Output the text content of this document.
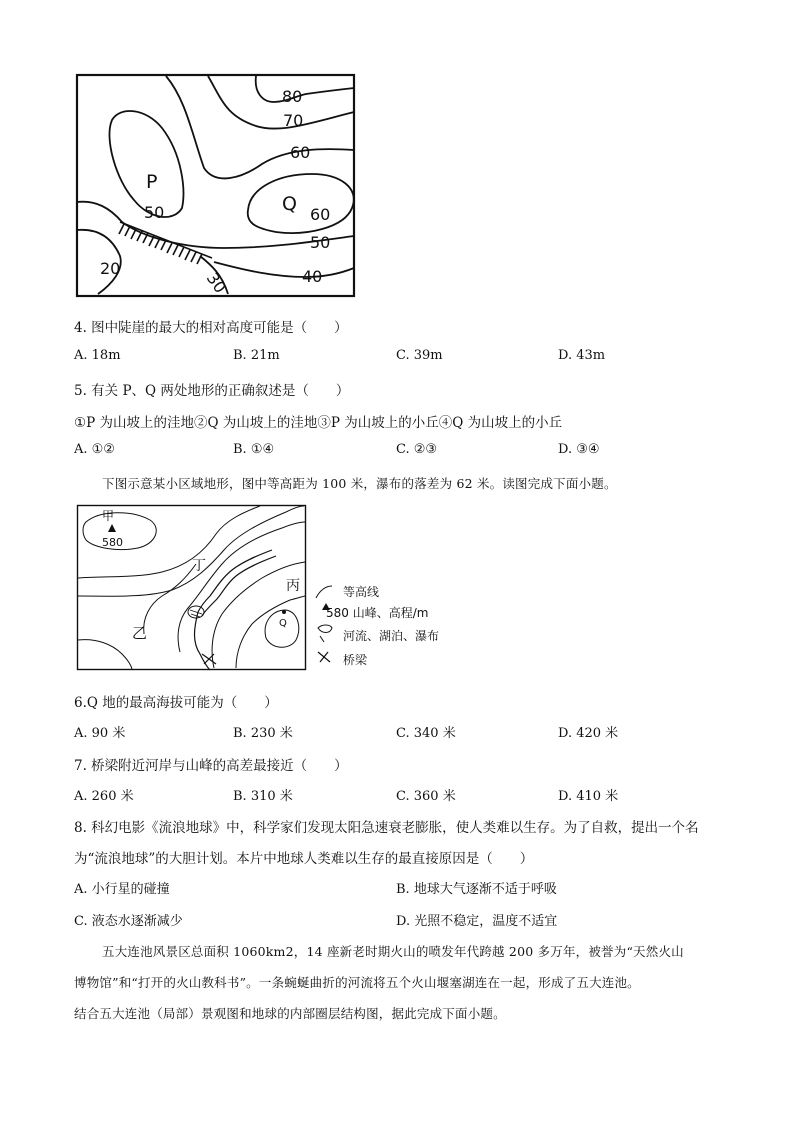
80
70
60
60
50
50
40
30
20
P
Q
4. 图中陡崖的最大的相对高度可能是（　　）
A. 18m	B. 21m	C. 39m	D. 43m
5. 有关 P、Q 两处地形的正确叙述是（　　）
①P 为山坡上的洼地②Q 为山坡上的洼地③P 为山坡上的小丘④Q 为山坡上的小丘
A. ①②	B. ①④	C. ②③	D. ③④
下图示意某小区域地形，图中等高距为 100 米，瀑布的落差为 62 米。读图完成下面小题。
甲
580
丁
丙
乙
Q
等高线
580 山峰、高程/m
河流、湖泊、瀑布
桥梁
6.Q 地的最高海拔可能为（　　）
A. 90 米	B. 230 米	C. 340 米	D. 420 米
7. 桥梁附近河岸与山峰的高差最接近（　　）
A. 260 米	B. 310 米	C. 360 米	D. 410 米
8. 科幻电影《流浪地球》中，科学家们发现太阳急速衰老膨胀，使人类难以生存。为了自救，提出一个名
为“流浪地球”的大胆计划。本片中地球人类难以生存的最直接原因是（　　）
A. 小行星的碰撞	B. 地球大气逐渐不适于呼吸
C. 液态水逐渐减少	D. 光照不稳定，温度不适宜
五大连池风景区总面积 1060km2，14 座新老时期火山的喷发年代跨越 200 多万年，被誉为“天然火山
博物馆”和“打开的火山教科书”。一条蜿蜒曲折的河流将五个火山堰塞湖连在一起，形成了五大连池。
结合五大连池（局部）景观图和地球的内部圈层结构图，据此完成下面小题。
